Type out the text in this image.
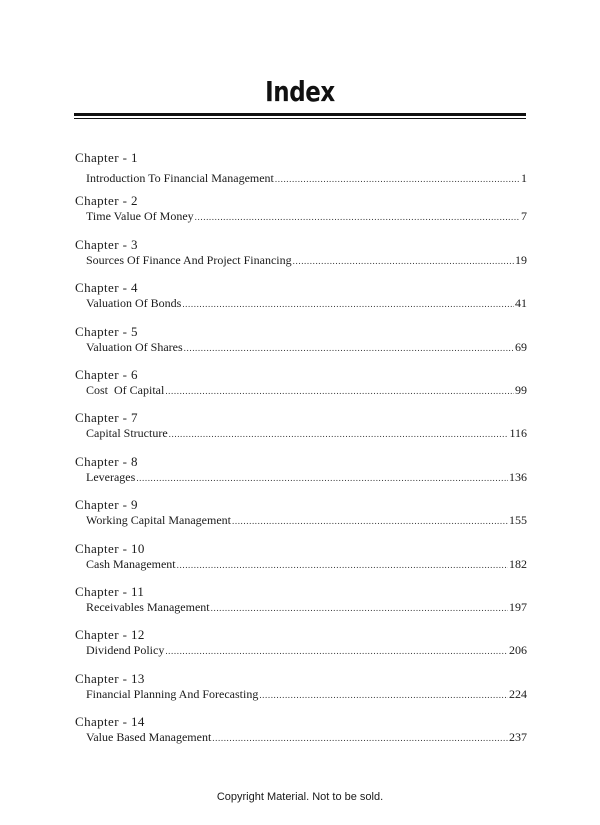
Index
Chapter - 1
Introduction To Financial Management .....	1
Chapter - 2
Time Value Of Money .....	7
Chapter - 3
Sources Of Finance And Project Financing .....	19
Chapter - 4
Valuation Of Bonds .....	41
Chapter - 5
Valuation Of Shares .....	69
Chapter - 6
Cost  Of Capital .....	99
Chapter - 7
Capital Structure .....	116
Chapter - 8
Leverages .....	136
Chapter - 9
Working Capital Management .....	155
Chapter - 10
Cash Management .....	182
Chapter - 11
Receivables Management .....	197
Chapter - 12
Dividend Policy .....	206
Chapter - 13
Financial Planning And Forecasting .....	224
Chapter - 14
Value Based Management .....	237
Copyright Material. Not to be sold.
